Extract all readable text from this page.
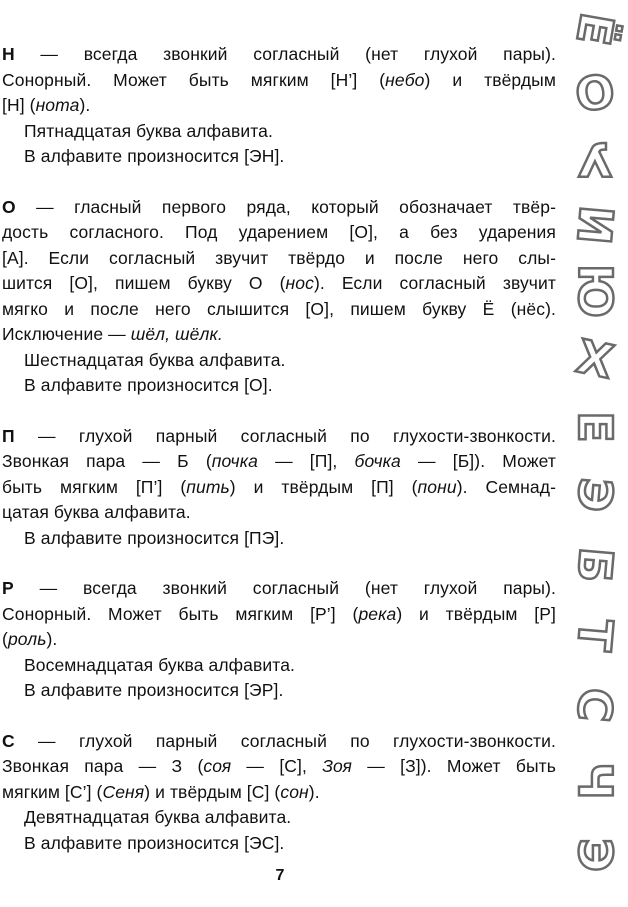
Н — всегда звонкий согласный (нет глухой пары).
Сонорный. Может быть мягким [Н’] (небо) и твёрдым
[Н] (нота).
Пятнадцатая буква алфавита.
В алфавите произносится [ЭН].
О — гласный первого ряда, который обозначает твёр-
дость согласного. Под ударением [О], а без ударения
[А]. Если согласный звучит твёрдо и после него слы-
шится [О], пишем букву О (нос). Если согласный звучит
мягко и после него слышится [О], пишем букву Ё (нёс).
Исключение — шёл, шёлк.
Шестнадцатая буква алфавита.
В алфавите произносится [О].
П — глухой парный согласный по глухости-звонкости.
Звонкая пара — Б (почка — [П], бочка — [Б]). Может
быть мягким [П’] (пить) и твёрдым [П] (пони). Семнад-
цатая буква алфавита.
В алфавите произносится [ПЭ].
Р — всегда звонкий согласный (нет глухой пары).
Сонорный. Может быть мягким [Р’] (река) и твёрдым [Р]
(роль).
Восемнадцатая буква алфавита.
В алфавите произносится [ЭР].
С — глухой парный согласный по глухости-звонкости.
Звонкая пара — З (соя — [С], Зоя — [З]). Может быть
мягким [С’] (Сеня) и твёрдым [С] (сон).
Девятнадцатая буква алфавита.
В алфавите произносится [ЭС].
7
Ё
О
У
И
Ю
Х
Е
Э
Б
Т
С
Ч
Э
